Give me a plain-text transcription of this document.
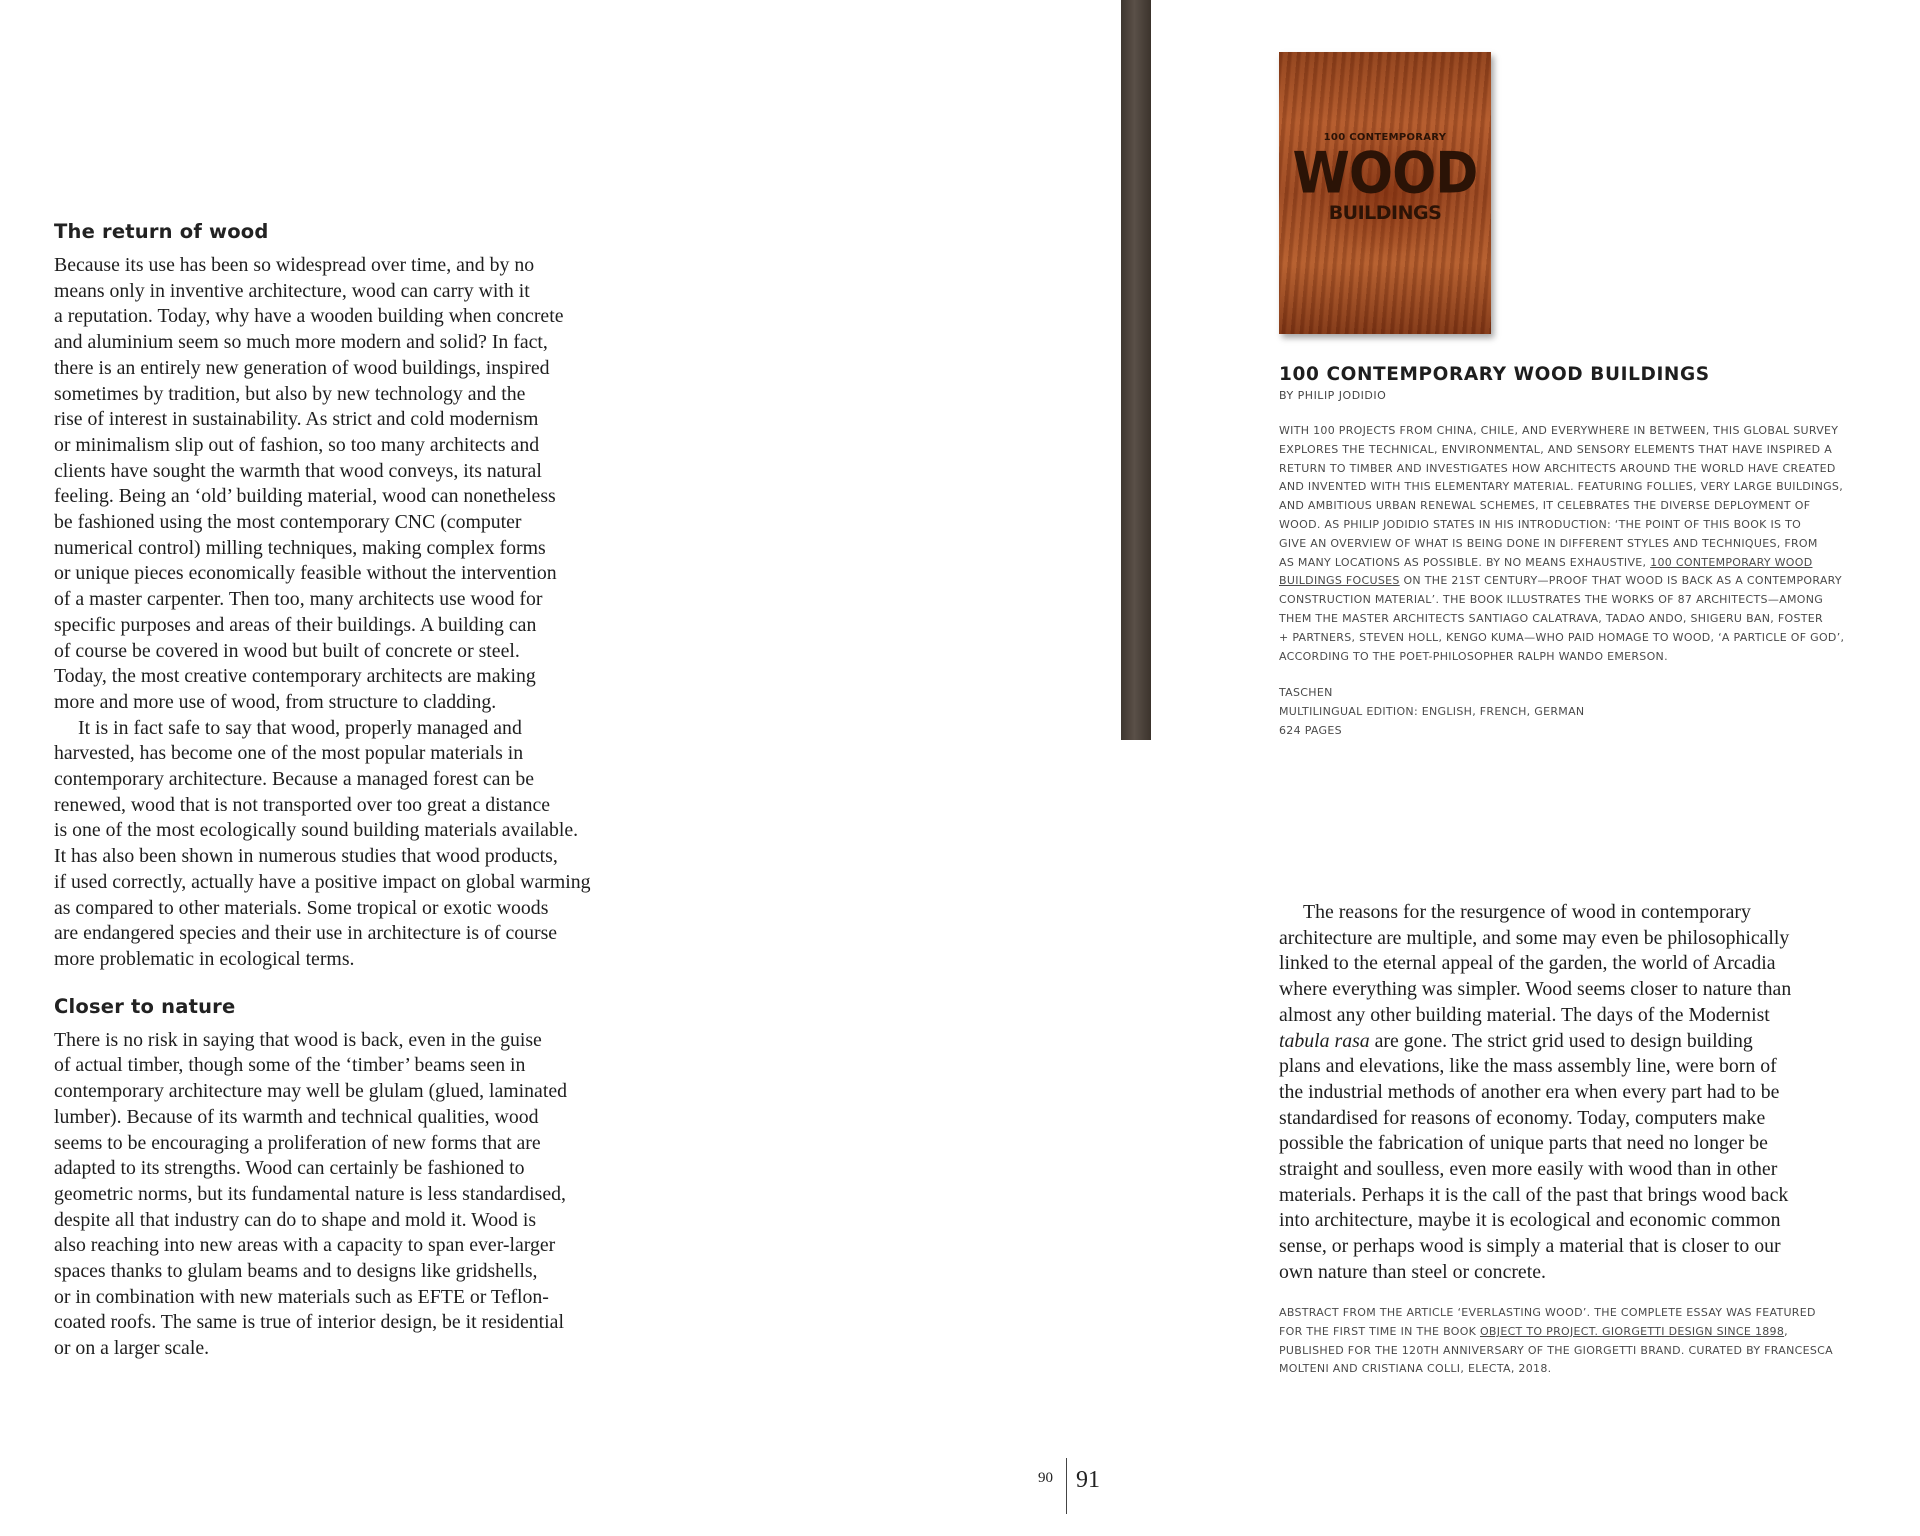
The return of wood
Because its use has been so widespread over time, and by no
means only in inventive architecture, wood can carry with it
a reputation. Today, why have a wooden building when concrete
and aluminium seem so much more modern and solid? In fact,
there is an entirely new generation of wood buildings, inspired
sometimes by tradition, but also by new technology and the
rise of interest in sustainability. As strict and cold modernism
or minimalism slip out of fashion, so too many architects and
clients have sought the warmth that wood conveys, its natural
feeling. Being an ‘old’ building material, wood can nonetheless
be fashioned using the most contemporary CNC (computer
numerical control) milling techniques, making complex forms
or unique pieces economically feasible without the intervention
of a master carpenter. Then too, many architects use wood for
specific purposes and areas of their buildings. A building can
of course be covered in wood but built of concrete or steel.
Today, the most creative contemporary architects are making
more and more use of wood, from structure to cladding.
It is in fact safe to say that wood, properly managed and
harvested, has become one of the most popular materials in
contemporary architecture. Because a managed forest can be
renewed, wood that is not transported over too great a distance
is one of the most ecologically sound building materials available.
It has also been shown in numerous studies that wood products,
if used correctly, actually have a positive impact on global warming
as compared to other materials. Some tropical or exotic woods
are endangered species and their use in architecture is of course
more problematic in ecological terms.
Closer to nature
There is no risk in saying that wood is back, even in the guise
of actual timber, though some of the ‘timber’ beams seen in
contemporary architecture may well be glulam (glued, laminated
lumber). Because of its warmth and technical qualities, wood
seems to be encouraging a proliferation of new forms that are
adapted to its strengths. Wood can certainly be fashioned to
geometric norms, but its fundamental nature is less standardised,
despite all that industry can do to shape and mold it. Wood is
also reaching into new areas with a capacity to span ever-larger
spaces thanks to glulam beams and to designs like gridshells,
or in combination with new materials such as EFTE or Teflon-
coated roofs. The same is true of interior design, be it residential
or on a larger scale.
100 CONTEMPORARY
WOOD
BUILDINGS
100 CONTEMPORARY WOOD BUILDINGS
BY PHILIP JODIDIO
WITH 100 PROJECTS FROM CHINA, CHILE, AND EVERYWHERE IN BETWEEN, THIS GLOBAL SURVEY
EXPLORES THE TECHNICAL, ENVIRONMENTAL, AND SENSORY ELEMENTS THAT HAVE INSPIRED A
RETURN TO TIMBER AND INVESTIGATES HOW ARCHITECTS AROUND THE WORLD HAVE CREATED
AND INVENTED WITH THIS ELEMENTARY MATERIAL. FEATURING FOLLIES, VERY LARGE BUILDINGS,
AND AMBITIOUS URBAN RENEWAL SCHEMES, IT CELEBRATES THE DIVERSE DEPLOYMENT OF
WOOD. AS PHILIP JODIDIO STATES IN HIS INTRODUCTION: ‘THE POINT OF THIS BOOK IS TO
GIVE AN OVERVIEW OF WHAT IS BEING DONE IN DIFFERENT STYLES AND TECHNIQUES, FROM
AS MANY LOCATIONS AS POSSIBLE. BY NO MEANS EXHAUSTIVE, 100 CONTEMPORARY WOOD
BUILDINGS FOCUSES ON THE 21ST CENTURY—PROOF THAT WOOD IS BACK AS A CONTEMPORARY
CONSTRUCTION MATERIAL’. THE BOOK ILLUSTRATES THE WORKS OF 87 ARCHITECTS—AMONG
THEM THE MASTER ARCHITECTS SANTIAGO CALATRAVA, TADAO ANDO, SHIGERU BAN, FOSTER
+ PARTNERS, STEVEN HOLL, KENGO KUMA—WHO PAID HOMAGE TO WOOD, ‘A PARTICLE OF GOD’,
ACCORDING TO THE POET-PHILOSOPHER RALPH WANDO EMERSON.
TASCHEN
MULTILINGUAL EDITION: ENGLISH, FRENCH, GERMAN
624 PAGES
The reasons for the resurgence of wood in contemporary
architecture are multiple, and some may even be philosophically
linked to the eternal appeal of the garden, the world of Arcadia
where everything was simpler. Wood seems closer to nature than
almost any other building material. The days of the Modernist
tabula rasa are gone. The strict grid used to design building
plans and elevations, like the mass assembly line, were born of
the industrial methods of another era when every part had to be
standardised for reasons of economy. Today, computers make
possible the fabrication of unique parts that need no longer be
straight and soulless, even more easily with wood than in other
materials. Perhaps it is the call of the past that brings wood back
into architecture, maybe it is ecological and economic common
sense, or perhaps wood is simply a material that is closer to our
own nature than steel or concrete.
ABSTRACT FROM THE ARTICLE ‘EVERLASTING WOOD’. THE COMPLETE ESSAY WAS FEATURED
FOR THE FIRST TIME IN THE BOOK OBJECT TO PROJECT. GIORGETTI DESIGN SINCE 1898,
PUBLISHED FOR THE 120TH ANNIVERSARY OF THE GIORGETTI BRAND. CURATED BY FRANCESCA
MOLTENI AND CRISTIANA COLLI, ELECTA, 2018.
90 91
